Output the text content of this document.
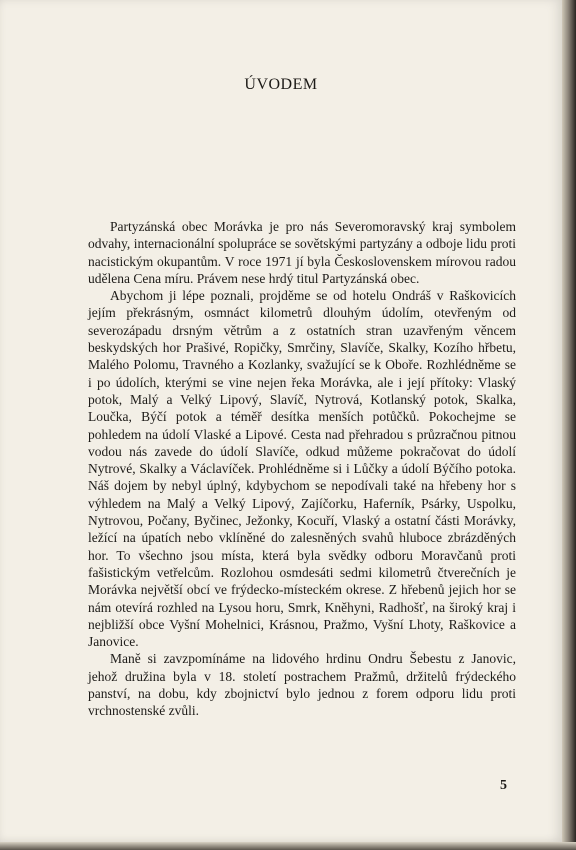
ÚVODEM

Partyzánská obec Morávka je pro nás Severomoravský kraj symbolem odvahy, internacionální spolupráce se sovětskými partyzány a odboje lidu proti nacistickým okupantům. V roce 1971 jí byla Československem mírovou radou udělena Cena míru. Právem nese hrdý titul Partyzánská obec.

Abychom ji lépe poznali, projděme se od hotelu Ondráš v Raškovicích jejím překrásným, osmnáct kilometrů dlouhým údolím, otevřeným od severozápadu drsným větrům a z ostatních stran uzavřeným věncem beskydských hor Prašivé, Ropičky, Smrčiny, Slavíče, Skalky, Kozího hřbetu, Malého Polomu, Travného a Kozlanky, svažující se k Oboře. Rozhlédněme se i po údolích, kterými se vine nejen řeka Morávka, ale i její přítoky: Vlaský potok, Malý a Velký Lipový, Slavíč, Nytrová, Kotlanský potok, Skalka, Loučka, Býčí potok a téměř desítka menších potůčků. Pokochejme se pohledem na údolí Vlaské a Lipové. Cesta nad přehradou s průzračnou pitnou vodou nás zavede do údolí Slavíče, odkud můžeme pokračovat do údolí Nytrové, Skalky a Václavíček. Prohlédněme si i Lůčky a údolí Býčího potoka. Náš dojem by nebyl úplný, kdybychom se nepodívali také na hřebeny hor s výhledem na Malý a Velký Lipový, Zajíčorku, Haferník, Psárky, Uspolku, Nytrovou, Počany, Byčinec, Ježonky, Kocuří, Vlaský a ostatní části Morávky, ležící na úpatích nebo vklíněné do zalesněných svahů hluboce zbrázděných hor. To všechno jsou místa, která byla svědky odboru Moravčanů proti fašistickým vetřelcům. Rozlohou osmdesáti sedmi kilometrů čtverečních je Morávka největší obcí ve frýdecko-místeckém okrese. Z hřebenů jejich hor se nám otevírá rozhled na Lysou horu, Smrk, Kněhyni, Radhošť, na široký kraj i nejbližší obce Vyšní Mohelnici, Krásnou, Pražmo, Vyšní Lhoty, Raškovice a Janovice.

Maně si zavzpomínáme na lidového hrdinu Ondru Šebestu z Janovic, jehož družina byla v 18. století postrachem Pražmů, držitelů frýdeckého panství, na dobu, kdy zbojnictví bylo jednou z forem odporu lidu proti vrchnostenské zvůli.

5
